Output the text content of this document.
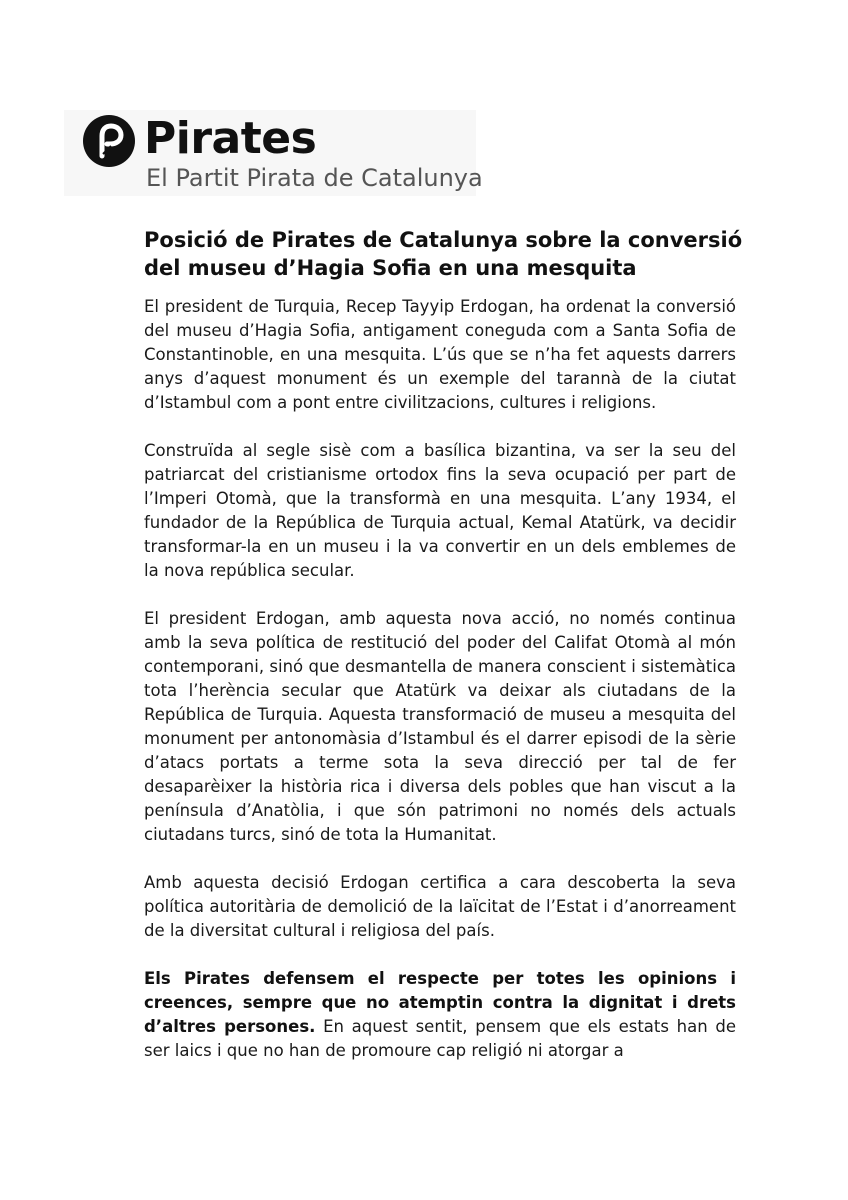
Pirates
El Partit Pirata de Catalunya
Posició de Pirates de Catalunya sobre la conversió del museu d’Hagia Sofia en una mesquita

El president de Turquia, Recep Tayyip Erdogan, ha ordenat la conversió del museu d’Hagia Sofia, antigament coneguda com a Santa Sofia de Constantinoble, en una mesquita. L’ús que se n’ha fet aquests darrers anys d’aquest monument és un exemple del tarannà de la ciutat d’Istambul com a pont entre civilitzacions, cultures i religions.

Construïda al segle sisè com a basílica bizantina, va ser la seu del patriarcat del cristianisme ortodox fins la seva ocupació per part de l’Imperi Otomà, que la transformà en una mesquita. L’any 1934, el fundador de la República de Turquia actual, Kemal Atatürk, va decidir transformar-la en un museu i la va convertir en un dels emblemes de la nova república secular.

El president Erdogan, amb aquesta nova acció, no només continua amb la seva política de restitució del poder del Califat Otomà al món contemporani, sinó que desmantella de manera conscient i sistemàtica tota l’herència secular que Atatürk va deixar als ciutadans de la República de Turquia. Aquesta transformació de museu a mesquita del monument per antonomàsia d’Istambul és el darrer episodi de la sèrie d’atacs portats a terme sota la seva direcció per tal de fer desaparèixer la història rica i diversa dels pobles que han viscut a la península d’Anatòlia, i que són patrimoni no només dels actuals ciutadans turcs, sinó de tota la Humanitat.

Amb aquesta decisió Erdogan certifica a cara descoberta la seva política autoritària de demolició de la laïcitat de l’Estat i d’anorreament de la diversitat cultural i religiosa del país.

Els Pirates defensem el respecte per totes les opinions i creences, sempre que no atemptin contra la dignitat i drets d’altres persones. En aquest sentit, pensem que els estats han de ser laics i que no han de promoure cap religió ni atorgar a
